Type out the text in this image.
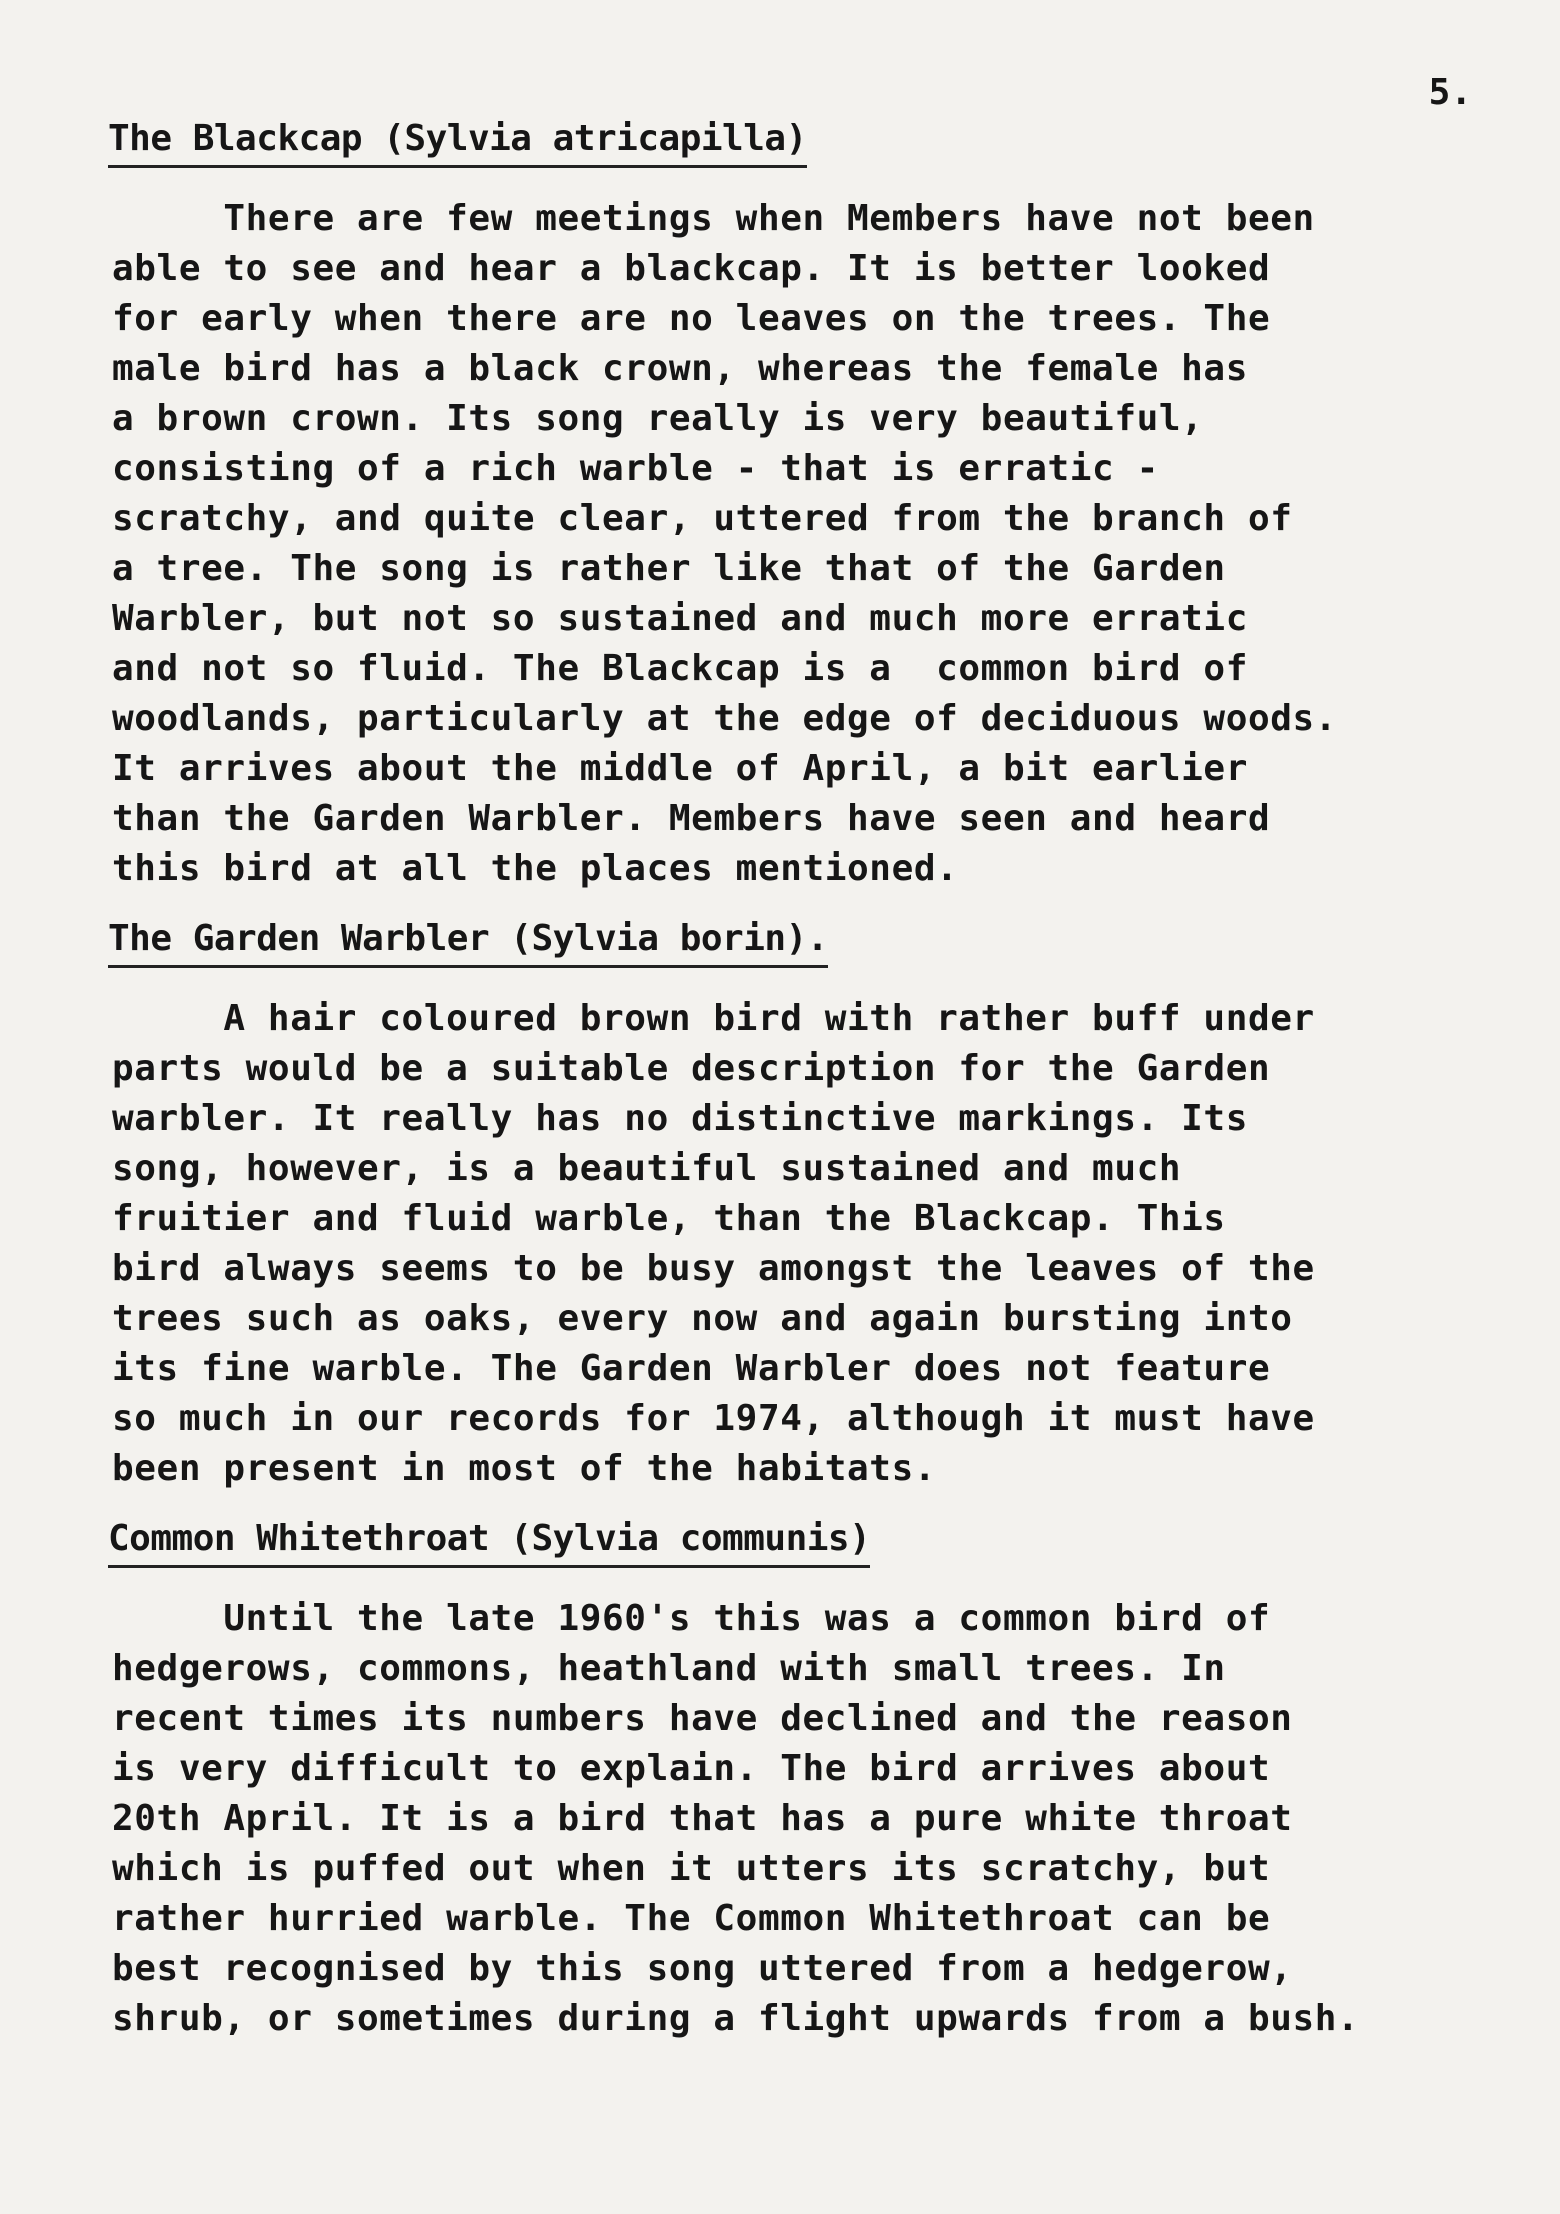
5.
The Blackcap (Sylvia atricapilla)
There are few meetings when Members have not been
able to see and hear a blackcap. It is better looked
for early when there are no leaves on the trees. The
male bird has a black crown, whereas the female has
a brown crown. Its song really is very beautiful,
consisting of a rich warble - that is erratic -
scratchy, and quite clear, uttered from the branch of
a tree. The song is rather like that of the Garden
Warbler, but not so sustained and much more erratic
and not so fluid. The Blackcap is a  common bird of
woodlands, particularly at the edge of deciduous woods.
It arrives about the middle of April, a bit earlier
than the Garden Warbler. Members have seen and heard
this bird at all the places mentioned.
The Garden Warbler (Sylvia borin).
A hair coloured brown bird with rather buff under
parts would be a suitable description for the Garden
warbler. It really has no distinctive markings. Its
song, however, is a beautiful sustained and much
fruitier and fluid warble, than the Blackcap. This
bird always seems to be busy amongst the leaves of the
trees such as oaks, every now and again bursting into
its fine warble. The Garden Warbler does not feature
so much in our records for 1974, although it must have
been present in most of the habitats.
Common Whitethroat (Sylvia communis)
Until the late 1960's this was a common bird of
hedgerows, commons, heathland with small trees. In
recent times its numbers have declined and the reason
is very difficult to explain. The bird arrives about
20th April. It is a bird that has a pure white throat
which is puffed out when it utters its scratchy, but
rather hurried warble. The Common Whitethroat can be
best recognised by this song uttered from a hedgerow,
shrub, or sometimes during a flight upwards from a bush.
